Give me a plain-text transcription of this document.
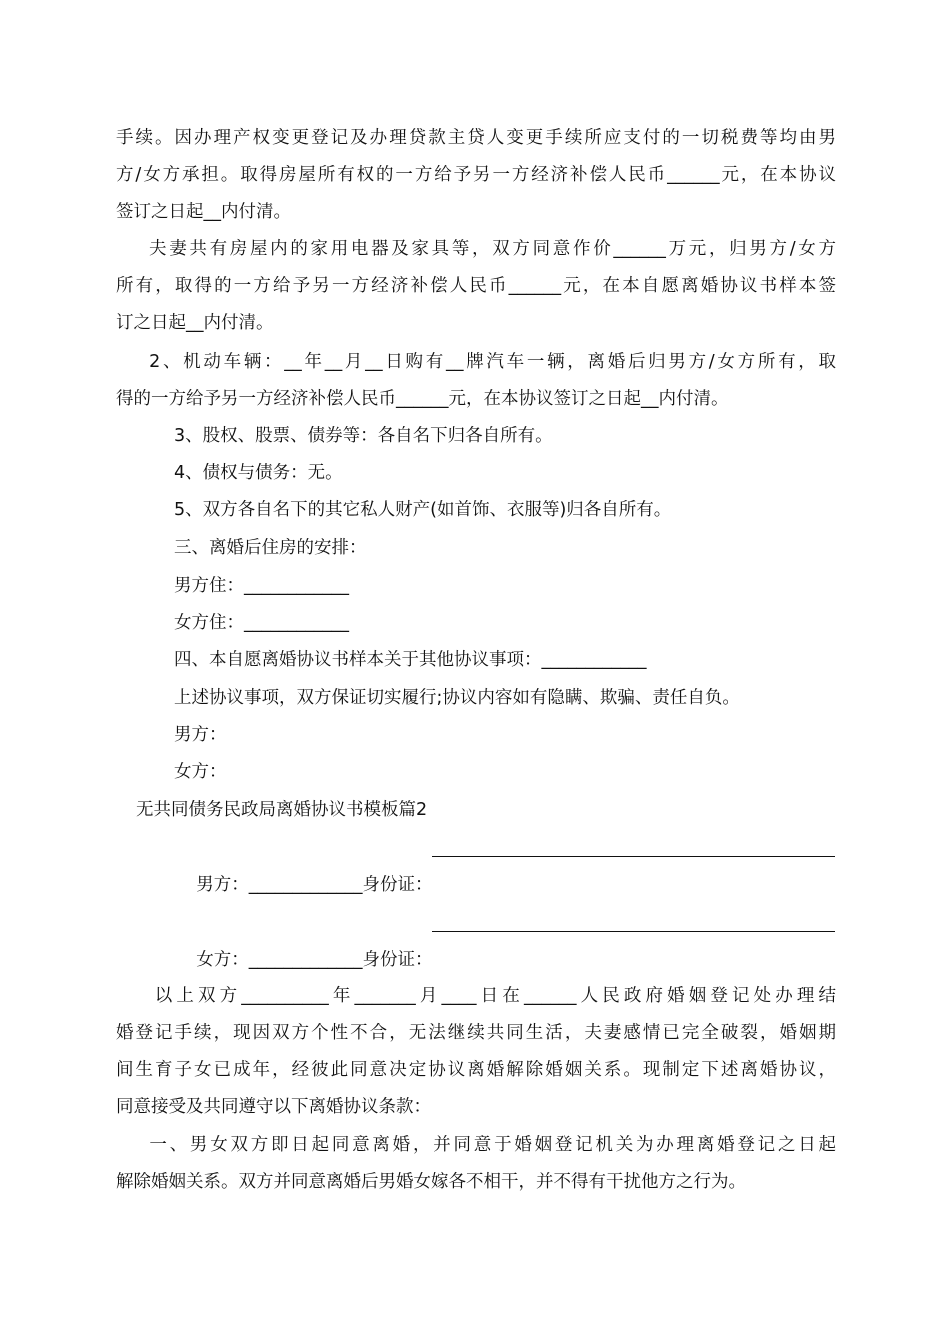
手续。因办理产权变更登记及办理贷款主贷人变更手续所应支付的一切税费等均由男
方/女方承担。取得房屋所有权的一方给予另一方经济补偿人民币______元，在本协议
签订之日起__内付清。
夫妻共有房屋内的家用电器及家具等，双方同意作价______万元，归男方/女方
所有，取得的一方给予另一方经济补偿人民币______元，在本自愿离婚协议书样本签
订之日起__内付清。
2、机动车辆：__年__月__日购有__牌汽车一辆，离婚后归男方/女方所有，取
得的一方给予另一方经济补偿人民币______元，在本协议签订之日起__内付清。
3、股权、股票、债券等：各自名下归各自所有。
4、债权与债务：无。
5、双方各自名下的其它私人财产(如首饰、衣服等)归各自所有。
三、离婚后住房的安排：
男方住：____________
女方住：____________
四、本自愿离婚协议书样本关于其他协议事项：____________
上述协议事项，双方保证切实履行;协议内容如有隐瞒、欺骗、责任自负。
男方：
女方：
无共同债务民政局离婚协议书模板篇2

男方：_____________身份证：

女方：_____________身份证：

以上双方__________年_______月____日在______人民政府婚姻登记处办理结
婚登记手续，现因双方个性不合，无法继续共同生活，夫妻感情已完全破裂，婚姻期
间生育子女已成年，经彼此同意决定协议离婚解除婚姻关系。现制定下述离婚协议，
同意接受及共同遵守以下离婚协议条款：
一、男女双方即日起同意离婚，并同意于婚姻登记机关为办理离婚登记之日起
解除婚姻关系。双方并同意离婚后男婚女嫁各不相干，并不得有干扰他方之行为。
